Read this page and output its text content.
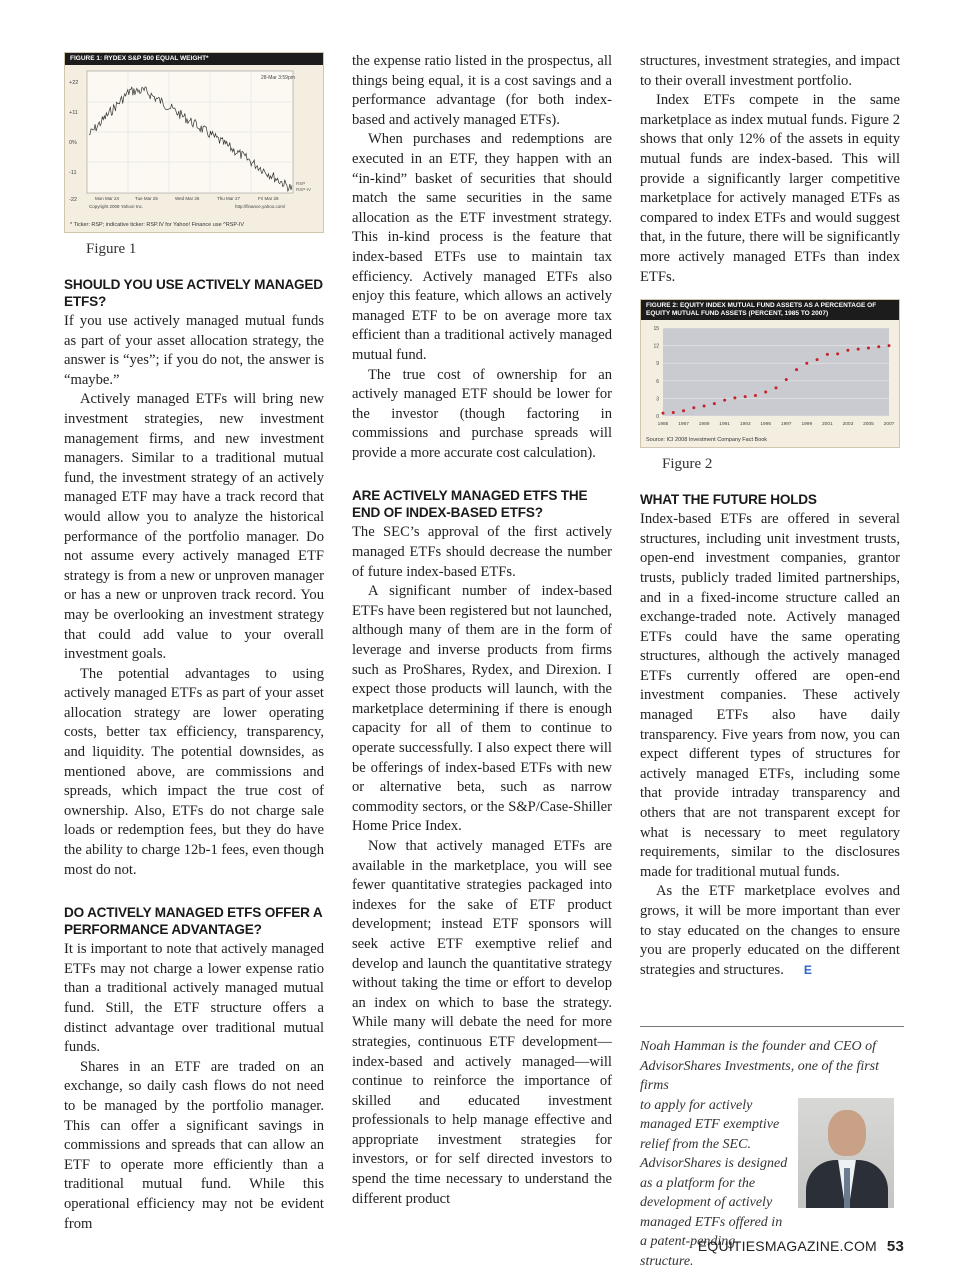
FIGURE 1: RYDEX S&P 500 EQUAL WEIGHT*
+22
+11
0%
-11
-22
28-Mar 3:59pm
RSP
RSP-IV
Mon Mar 24	Tue Mar 25	Wed Mar 26	Thu Mar 27	Fri Mar 28
Copyright 2008 Yahoo! Inc.	http://finance.yahoo.com/
* Ticker: RSP; indicative ticker: RSP.IV for Yahoo! Finance use ^RSP-IV
Figure 1
SHOULD YOU USE ACTIVELY MANAGED ETFS?

If you use actively managed mutual funds as part of your asset allocation strategy, the answer is “yes”; if you do not, the answer is “maybe.”

Actively managed ETFs will bring new investment strategies, new investment management firms, and new investment managers. Similar to a traditional mutual fund, the investment strategy of an actively managed ETF may have a track record that would allow you to analyze the historical performance of the portfolio manager. Do not assume every actively managed ETF strategy is from a new or unproven manager or has a new or unproven track record. You may be overlooking an investment strategy that could add value to your overall investment goals.

The potential advantages to using actively managed ETFs as part of your asset allocation strategy are lower operating costs, better tax efficiency, transparency, and liquidity. The potential downsides, as mentioned above, are commissions and spreads, which impact the true cost of ownership. Also, ETFs do not charge sale loads or redemption fees, but they do have the ability to charge 12b-1 fees, even though most do not.

DO ACTIVELY MANAGED ETFS OFFER A PERFORMANCE ADVANTAGE?

It is important to note that actively managed ETFs may not charge a lower expense ratio than a traditional actively managed mutual fund. Still, the ETF structure offers a distinct advantage over traditional mutual funds.

Shares in an ETF are traded on an exchange, so daily cash flows do not need to be managed by the portfolio manager. This can offer a significant savings in commissions and spreads that can allow an ETF to operate more efficiently than a traditional mutual fund. While this operational efficiency may not be evident from

the expense ratio listed in the prospectus, all things being equal, it is a cost savings and a performance advantage (for both index-based and actively managed ETFs).

When purchases and redemptions are executed in an ETF, they happen with an “in-kind” basket of securities that should match the same securities in the same allocation as the ETF investment strategy. This in-kind process is the feature that index-based ETFs use to maintain tax efficiency. Actively managed ETFs also enjoy this feature, which allows an actively managed ETF to be on average more tax efficient than a traditional actively managed mutual fund.

The true cost of ownership for an actively managed ETF should be lower for the investor (though factoring in commissions and purchase spreads will provide a more accurate cost calculation).

ARE ACTIVELY MANAGED ETFS THE END OF INDEX-BASED ETFS?

The SEC’s approval of the first actively managed ETFs should decrease the number of future index-based ETFs.

A significant number of index-based ETFs have been registered but not launched, although many of them are in the form of leverage and inverse products from firms such as ProShares, Rydex, and Direxion. I expect those products will launch, with the marketplace determining if there is enough capacity for all of them to continue to operate successfully. I also expect there will be offerings of index-based ETFs with new or alternative beta, such as narrow commodity sectors, or the S&P/Case-Shiller Home Price Index.

Now that actively managed ETFs are available in the marketplace, you will see fewer quantitative strategies packaged into indexes for the sake of ETF product development; instead ETF sponsors will seek active ETF exemptive relief and develop and launch the quantitative strategy without taking the time or effort to develop an index on which to base the strategy. While many will debate the need for more strategies, continuous ETF development—index-based and actively managed—will continue to reinforce the importance of skilled and educated investment professionals to help manage effective and appropriate investment strategies for investors, or for self directed investors to spend the time necessary to understand the different product

structures, investment strategies, and impact to their overall investment portfolio.

Index ETFs compete in the same marketplace as index mutual funds. Figure 2 shows that only 12% of the assets in equity mutual funds are index-based. This will provide a significantly larger competitive marketplace for actively managed ETFs as compared to index ETFs and would suggest that, in the future, there will be significantly more actively managed ETFs than index ETFs.

FIGURE 2: EQUITY INDEX MUTUAL FUND ASSETS AS A PERCENTAGE OF
EQUITY MUTUAL FUND ASSETS (PERCENT, 1985 TO 2007)
15
12
9
6
3
0
1985 1987 1989 1991 1993 1995 1997 1999 2001 2003 2005 2007
Source: ICI 2008 Investment Company Fact Book
Figure 2
WHAT THE FUTURE HOLDS

Index-based ETFs are offered in several structures, including unit investment trusts, open-end investment companies, grantor trusts, publicly traded limited partnerships, and in a fixed-income structure called an exchange-traded note. Actively managed ETFs could have the same operating structures, although the actively managed ETFs currently offered are open-end investment companies. These actively managed ETFs also have daily transparency. Five years from now, you can expect different types of structures for actively managed ETFs, including some that provide intraday transparency and others that are not transparent except for what is necessary to meet regulatory requirements, similar to the disclosures made for traditional mutual funds.

As the ETF marketplace evolves and grows, it will be more important than ever to stay educated on the changes to ensure you are properly educated on the different strategies and structures. E

Noah Hamman is the founder and CEO of AdvisorShares Investments, one of the first firms
to apply for actively managed ETF exemptive relief from the SEC. AdvisorShares is designed as a platform for the development of actively managed ETFs offered in a patent-pending structure.
EQUITIESMAGAZINE.COM 53
